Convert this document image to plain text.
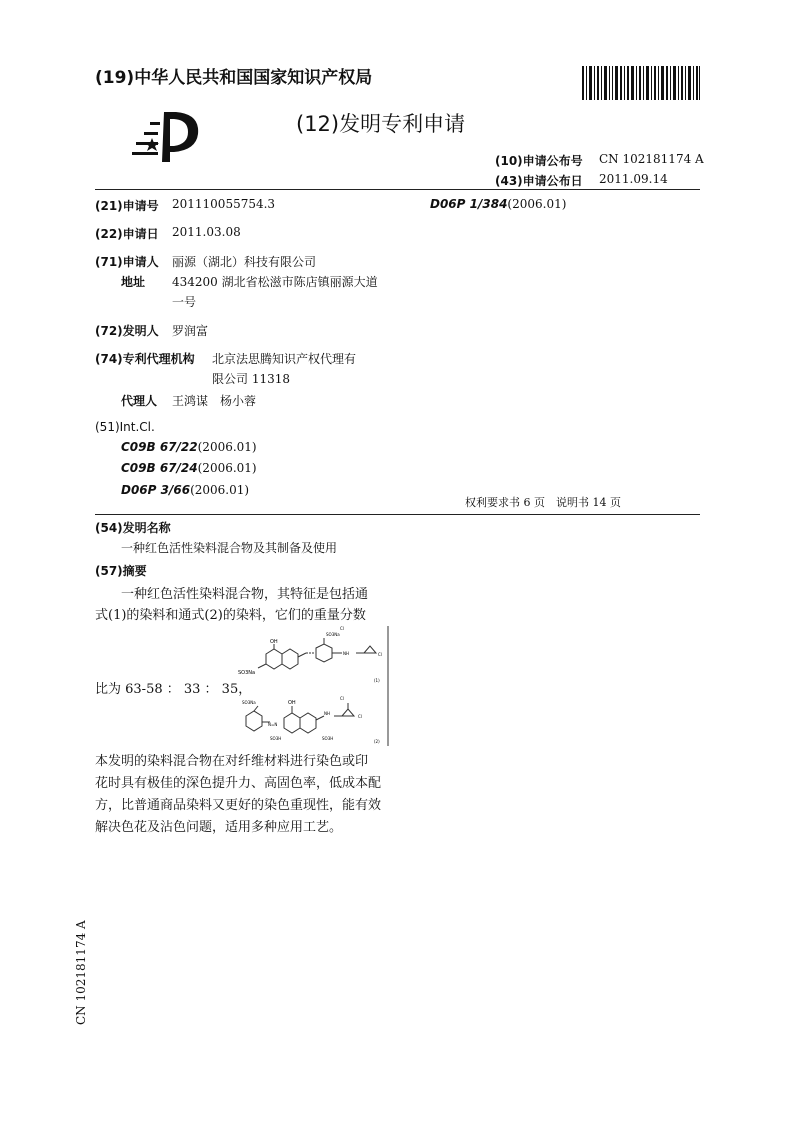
(19)中华人民共和国国家知识产权局
(12)发明专利申请
(10)申请公布号 CN 102181174 A
(43)申请公布日 2011.09.14
(21)申请号 201110055754.3	D06P 1/384(2006.01)
(22)申请日 2011.03.08
(71)申请人 丽源（湖北）科技有限公司
地址 434200 湖北省松滋市陈店镇丽源大道
一号
(72)发明人 罗润富
(74)专利代理机构 北京法思腾知识产权代理有
限公司 11318
代理人 王鸿谋　杨小蓉
(51)Int.Cl.
C09B 67/22(2006.01)
C09B 67/24(2006.01)
D06P 3/66(2006.01)
权利要求书 6 页　说明书 14 页
(54)发明名称
一种红色活性染料混合物及其制备及使用
(57)摘要
一种红色活性染料混合物，其特征是包括通
式(1)的染料和通式(2)的染料，它们的重量分数
比为 63-58 ： 33 ： 35，
OH
SO3Na
Cl
Cl
NH
SO3Na
(1)
Cl
Cl
SO3Na	OH
NH
N=N
SO3H	SO3H
(2)
本发明的染料混合物在对纤维材料进行染色或印
花时具有极佳的深色提升力、高固色率，低成本配
方，比普通商品染料又更好的染色重现性，能有效
解决色花及沾色问题，适用多种应用工艺。
CN 102181174 A
